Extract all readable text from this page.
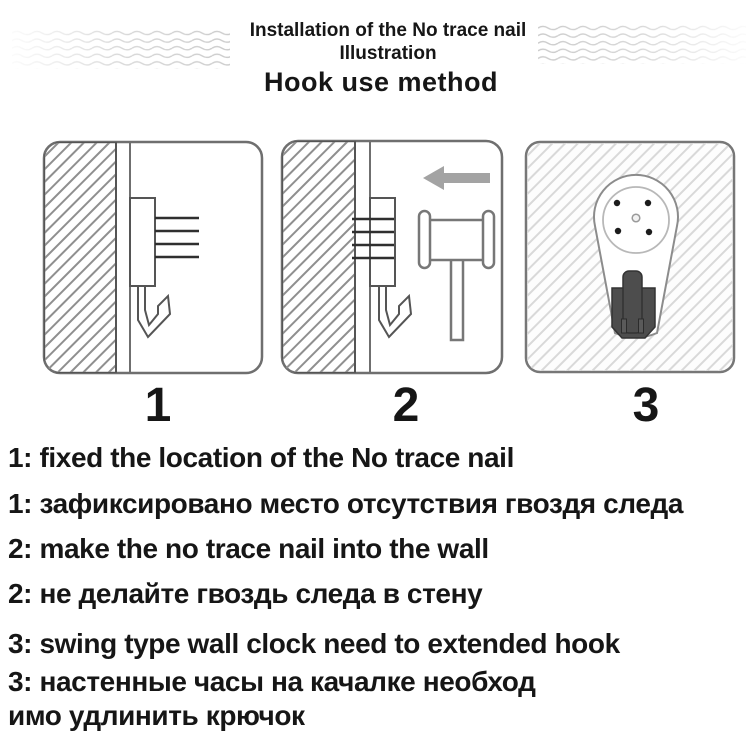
Installation of the No trace nail
Illustration
Hook use method
1	2	3
1: fixed the location of the No trace nail
1: зафиксировано место отсутствия гвоздя следа
2: make the no trace nail into the wall
2: не делайте гвоздь следа в стену
3: swing type wall clock need to extended hook
3: настенные часы на качалке необход
имо удлинить крючок
